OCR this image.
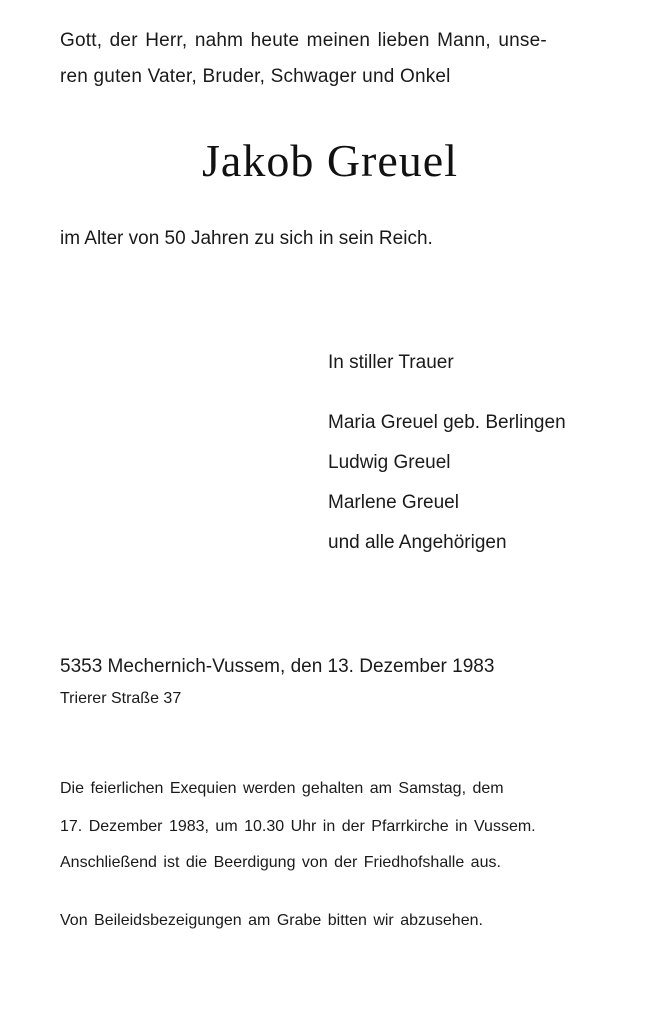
Gott, der Herr, nahm heute meinen lieben Mann, unse-
ren guten Vater, Bruder, Schwager und Onkel
Jakob Greuel
im Alter von 50 Jahren zu sich in sein Reich.
In stiller Trauer
Maria Greuel geb. Berlingen
Ludwig Greuel
Marlene Greuel
und alle Angehörigen
5353 Mechernich-Vussem, den 13. Dezember 1983
Trierer Straße 37
Die feierlichen Exequien werden gehalten am Samstag, dem
17. Dezember 1983, um 10.30 Uhr in der Pfarrkirche in Vussem.
Anschließend ist die Beerdigung von der Friedhofshalle aus.
Von Beileidsbezeigungen am Grabe bitten wir abzusehen.
